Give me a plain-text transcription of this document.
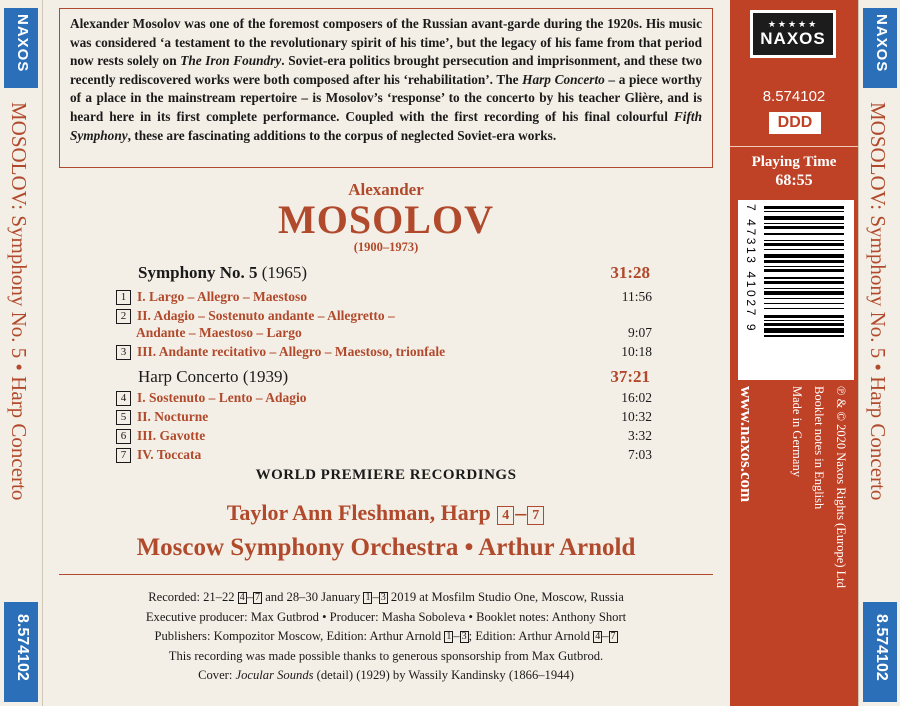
NAXOS
MOSOLOV: Symphony No. 5 • Harp Concerto
8.574102
Alexander Mosolov was one of the foremost composers of the Russian avant-garde during the 1920s. His music was considered ‘a testament to the revolutionary spirit of his time’, but the legacy of his fame from that period now rests solely on The Iron Foundry. Soviet-era politics brought persecution and imprisonment, and these two recently rediscovered works were both composed after his ‘rehabilitation’. The Harp Concerto – a piece worthy of a place in the mainstream repertoire – is Mosolov’s ‘response’ to the concerto by his teacher Glière, and is heard here in its first complete performance. Coupled with the first recording of his final colourful Fifth Symphony, these are fascinating additions to the corpus of neglected Soviet-era works.
Alexander
MOSOLOV
(1900–1973)
Symphony No. 5 (1965)	31:28
1 I. Largo – Allegro – Maestoso	11:56
2 II. Adagio – Sostenuto andante – Allegretto –
Andante – Maestoso – Largo	9:07
3 III. Andante recitativo – Allegro – Maestoso, trionfale	10:18
Harp Concerto (1939)	37:21
4 I. Sostenuto – Lento – Adagio	16:02
5 II. Nocturne	10:32
6 III. Gavotte	3:32
7 IV. Toccata	7:03
WORLD PREMIERE RECORDINGS
Taylor Ann Fleshman, Harp 4 – 7
Moscow Symphony Orchestra • Arthur Arnold
Recorded: 21–22 4 – 7 and 28–30 January 1 – 3 2019 at Mosfilm Studio One, Moscow, Russia
Executive producer: Max Gutbrod • Producer: Masha Soboleva • Booklet notes: Anthony Short
Publishers: Kompozitor Moscow, Edition: Arthur Arnold 1 – 3 ; Edition: Arthur Arnold 4 – 7
This recording was made possible thanks to generous sponsorship from Max Gutbrod.
Cover: Jocular Sounds (detail) (1929) by Wassily Kandinsky (1866–1944)
★★★★★
NAXOS
8.574102
DDD
Playing Time
68:55
7 47313 41027 9
www.naxos.com	℗ & © 2020 Naxos Rights (Europe) Ltd
Booklet notes in English
Made in Germany
NAXOS
MOSOLOV: Symphony No. 5 • Harp Concerto
8.574102
